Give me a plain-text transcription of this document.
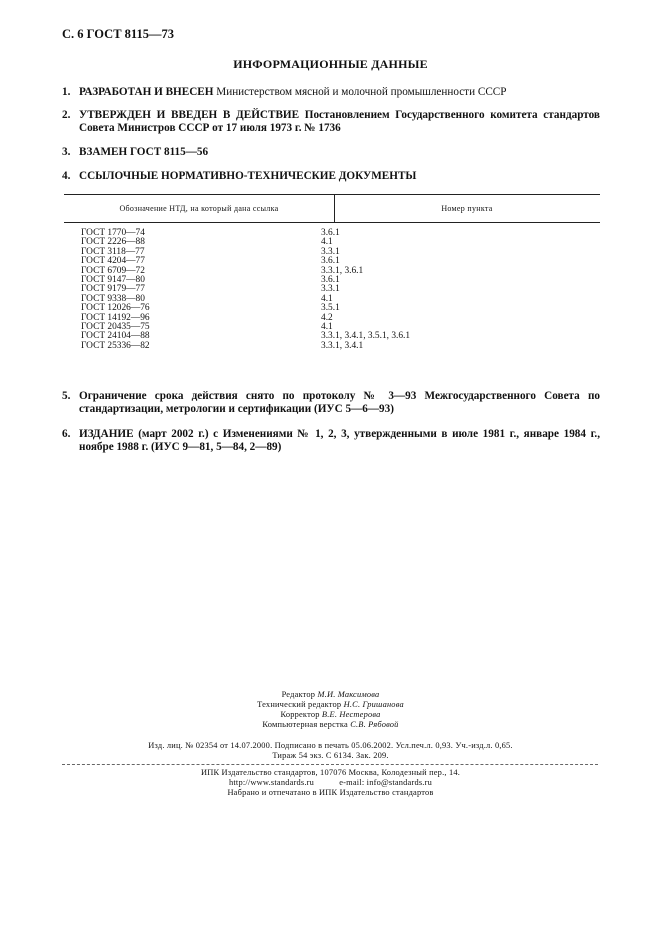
С. 6 ГОСТ 8115—73
ИНФОРМАЦИОННЫЕ ДАННЫЕ
1. РАЗРАБОТАН И ВНЕСЕН Министерством мясной и молочной промышленности СССР
2. УТВЕРЖДЕН И ВВЕДЕН В ДЕЙСТВИЕ Постановлением Государственного комитета стандартов Совета Министров СССР от 17 июля 1973 г. № 1736
3. ВЗАМЕН ГОСТ 8115—56
4. ССЫЛОЧНЫЕ НОРМАТИВНО-ТЕХНИЧЕСКИЕ ДОКУМЕНТЫ
Обозначение НТД, на который дана ссылка	Номер пункта
ГОСТ 1770—74	3.6.1
ГОСТ 2226—88	4.1
ГОСТ 3118—77	3.3.1
ГОСТ 4204—77	3.6.1
ГОСТ 6709—72	3.3.1, 3.6.1
ГОСТ 9147—80	3.6.1
ГОСТ 9179—77	3.3.1
ГОСТ 9338—80	4.1
ГОСТ 12026—76	3.5.1
ГОСТ 14192—96	4.2
ГОСТ 20435—75	4.1
ГОСТ 24104—88	3.3.1, 3.4.1, 3.5.1, 3.6.1
ГОСТ 25336—82	3.3.1, 3.4.1
5. Ограничение срока действия снято по протоколу № 3—93 Межгосударственного Совета по стандартизации, метрологии и сертификации (ИУС 5—6—93)
6. ИЗДАНИЕ (март 2002 г.) с Изменениями № 1, 2, 3, утвержденными в июле 1981 г., январе 1984 г., ноябре 1988 г. (ИУС 9—81, 5—84, 2—89)
Редактор М.И. Максимова
Технический редактор Н.С. Гришанова
Корректор В.Е. Нестерова
Компьютерная верстка С.В. Рябовой
Изд. лиц. № 02354 от 14.07.2000. Подписано в печать 05.06.2002. Усл.печ.л. 0,93. Уч.-изд.л. 0,65.
Тираж 54 экз. С 6134. Зак. 209.
ИПК Издательство стандартов, 107076 Москва, Колодезный пер., 14.
http://www.standards.ru	e-mail: info@standards.ru
Набрано и отпечатано в ИПК Издательство стандартов
